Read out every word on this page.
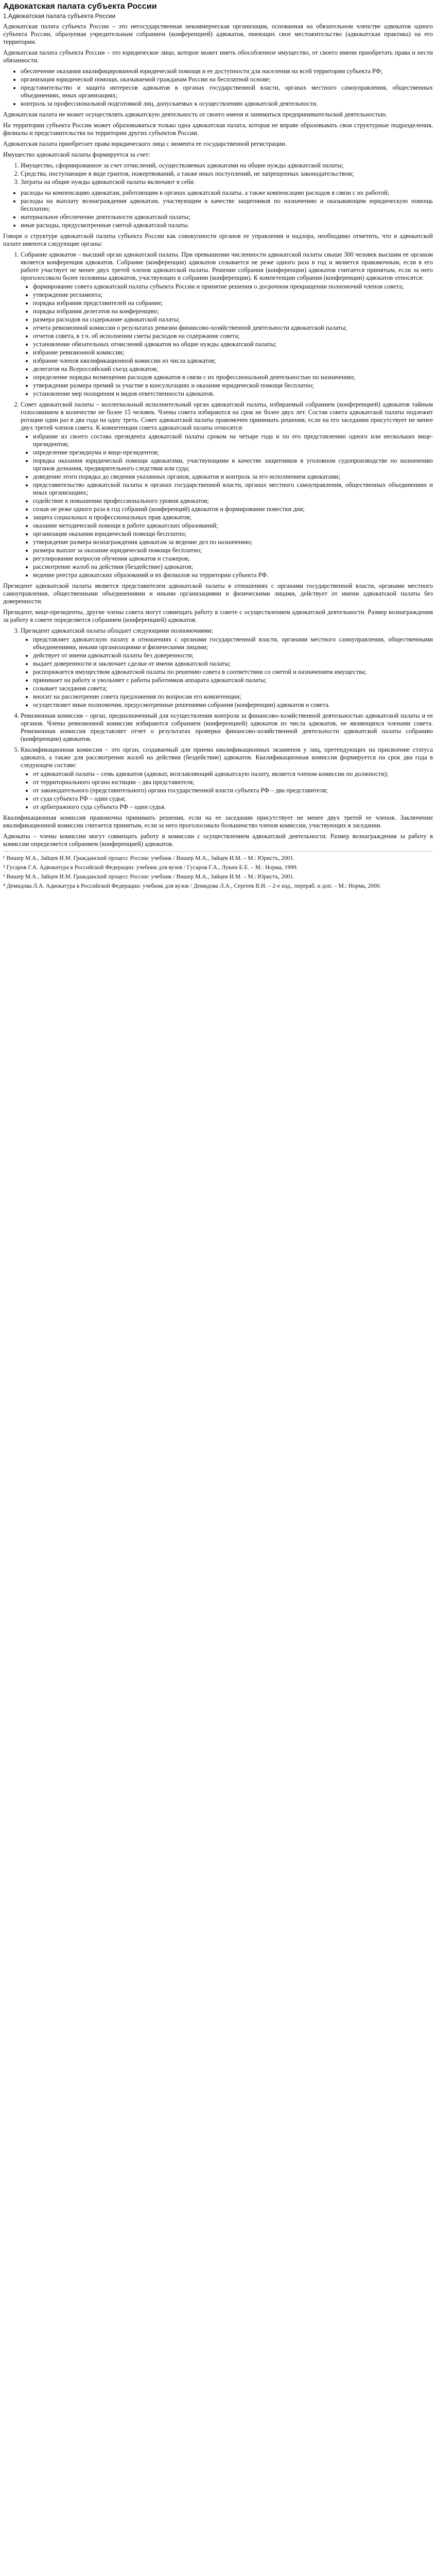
Адвокатская палата субъекта России
1.Адвокатская палата субъекта России

Адвокатская палата субъекта России – это негосударственная некоммерческая организация, основанная на обязательном членстве адвокатов одного субъекта России, образуемая учредительным собранием (конференцией) адвокатов, имеющих свое местожительство (адвокатская практика) на его территории.

Адвокатская палата субъекта России – это юридическое лицо, которое может иметь обособленное имущество, от своего имени приобретать права и нести обязанности.

• обеспечение оказания квалифицированной юридической помощи и ее доступности для населения на всей территории субъекта РФ;
• организация юридической помощи, оказываемой гражданам России на бесплатной основе;
• представительство и защита интересов адвокатов в органах государственной власти, органах местного самоуправления, общественных объединениях, иных организациях;
• контроль за профессиональной подготовкой лиц, допускаемых к осуществлению адвокатской деятельности.

Адвокатская палата не может осуществлять адвокатскую деятельность от своего имени и заниматься предпринимательской деятельностью.

На территории субъекта России может образовываться только одна адвокатская палата, которая не вправе образовывать свои структурные подразделения, филиалы и представительства на территории других субъектов России.

Адвокатская палата приобретает права юридического лица с момента ее государственной регистрации.

Имущество адвокатской палаты формируется за счет:

1. Имущество, сформированное за счет отчислений, осуществляемых адвокатами на общие нужды адвокатской палаты;
2. Средства, поступающие в виде грантов, пожертвований, а также иных поступлений, не запрещенных законодательством;
3. Затраты на общие нужды адвокатской палаты включают в себя:
• расходы на компенсацию адвокатам, работающим в органах адвокатской палаты, а также компенсацию расходов в связи с их работой;
• расходы на выплату вознаграждения адвокатам, участвующим в качестве защитников по назначению и оказывающим юридическую помощь бесплатно;
• материальное обеспечение деятельности адвокатской палаты;
• иные расходы, предусмотренные сметой адвокатской палаты.

Говоря о структуре адвокатской палаты субъекта России как совокупности органов ее управления и надзора, необходимо отметить, что в адвокатской палате имеются следующие органы:

1. Собрание адвокатов – высший орган адвокатской палаты. При превышении численности адвокатской палаты свыше 300 человек высшим ее органом является конференция адвокатов. Собрание (конференция) адвокатов созывается не реже одного раза в год и является правомочным, если в его работе участвует не менее двух третей членов адвокатской палаты. Решение собрания (конференции) адвокатов считается принятым, если за него проголосовало более половины адвокатов, участвующих в собрании (конференции). К компетенции собрания (конференции) адвокатов относятся:
• формирование совета адвокатской палаты субъекта России и принятие решения о досрочном прекращении полномочий членов совета;
• утверждение регламента;
• порядка избрания представителей на собрание;
• порядка избрания делегатов на конференцию;
• размера расходов на содержание адвокатской палаты;
• отчета ревизионной комиссии о результатах ревизии финансово-хозяйственной деятельности адвокатской палаты;
• отчетов совета, в т.ч. об исполнении сметы расходов на содержание совета;
• установление обязательных отчислений адвокатов на общие нужды адвокатской палаты;
• избрание ревизионной комиссии;
• избрание членов квалификационной комиссии из числа адвокатов;
• делегатов на Всероссийский съезд адвокатов;
• определение порядка возмещения расходов адвокатов в связи с их профессиональной деятельностью по назначению;
• утверждение размера премий за участие в консультациях и оказание юридической помощи бесплатно;
• установление мер поощрения и видов ответственности адвокатов.
2. Совет адвокатской палаты – коллегиальный исполнительный орган адвокатской палаты, избираемый собранием (конференцией) адвокатов тайным голосованием в количестве не более 15 человек. Члены совета избираются на срок не более двух лет. Состав совета адвокатской палаты подлежит ротации один раз в два года на одну треть. Совет адвокатской палаты правомочен принимать решения, если на его заседании присутствует не менее двух третей членов совета. К компетенции совета адвокатской палаты относятся:
• избрание из своего состава президента адвокатской палаты сроком на четыре года и по его представлению одного или нескольких вице-президентов;
• определение президиума и вице-президентов;
• порядка оказания юридической помощи адвокатами, участвующими в качестве защитников в уголовном судопроизводстве по назначению органов дознания, предварительного следствия или суда;
• доведение этого порядка до сведения указанных органов, адвокатов и контроль за его исполнением адвокатами;
• представительство адвокатской палаты в органах государственной власти, органах местного самоуправления, общественных объединениях и иных организациях;
• содействие в повышении профессионального уровня адвокатов;
• созыв не реже одного раза в год собраний (конференций) адвокатов и формирование повестки дня;
• защита социальных и профессиональных прав адвокатов;
• оказание методической помощи в работе адвокатских образований;
• организация оказания юридической помощи бесплатно;
• утверждение размера вознаграждения адвокатам за ведение дел по назначению;
• размера выплат за оказание юридической помощи бесплатно;
• регулирование вопросов обучения адвокатов и стажеров;
• рассмотрение жалоб на действия (бездействие) адвокатов;
• ведение реестра адвокатских образований и их филиалов на территории субъекта РФ.

Президент адвокатской палаты является представителем адвокатской палаты в отношениях с органами государственной власти, органами местного самоуправления, общественными объединениями и иными организациями и физическими лицами, действует от имени адвокатской палаты без доверенности.

Президент, вице-президенты, другие члены совета могут совмещать работу в совете с осуществлением адвокатской деятельности. Размер вознаграждения за работу в совете определяется собранием (конференцией) адвокатов.

3. Президент адвокатской палаты обладает следующими полномочиями:
• представляет адвокатскую палату в отношениях с органами государственной власти, органами местного самоуправления, общественными объединениями, иными организациями и физическими лицами;
• действует от имени адвокатской палаты без доверенности;
• выдает доверенности и заключает сделки от имени адвокатской палаты;
• распоряжается имуществом адвокатской палаты по решению совета в соответствии со сметой и назначением имущества;
• принимает на работу и увольняет с работы работников аппарата адвокатской палаты;
• созывает заседания совета;
• вносит на рассмотрение совета предложения по вопросам его компетенции;
• осуществляет иные полномочия, предусмотренные решениями собрания (конференции) адвокатов и совета.
4. Ревизионная комиссия – орган, предназначенный для осуществления контроля за финансово-хозяйственной деятельностью адвокатской палаты и ее органов. Члены ревизионной комиссии избираются собранием (конференцией) адвокатов из числа адвокатов, не являющихся членами совета. Ревизионная комиссия представляет отчет о результатах проверки финансово-хозяйственной деятельности адвокатской палаты собранию (конференции) адвокатов.
5. Квалификационная комиссия – это орган, создаваемый для приема квалификационных экзаменов у лиц, претендующих на присвоение статуса адвоката, а также для рассмотрения жалоб на действия (бездействие) адвокатов. Квалификационная комиссия формируется на срок два года в следующем составе:
• от адвокатской палаты – семь адвокатов (адвокат, возглавляющий адвокатскую палату, является членом комиссии по должности);
• от территориального органа юстиции – два представителя;
• от законодательного (представительного) органа государственной власти субъекта РФ – два представителя;
• от суда субъекта РФ – один судья;
• от арбитражного суда субъекта РФ – один судья.

Квалификационная комиссия правомочна принимать решения, если на ее заседании присутствует не менее двух третей ее членов. Заключение квалификационной комиссии считается принятым, если за него проголосовало большинство членов комиссии, участвующих в заседании.

Адвокаты – члены комиссии могут совмещать работу в комиссии с осуществлением адвокатской деятельности. Размер вознаграждения за работу в комиссии определяется собранием (конференцией) адвокатов.

¹ Вишер М.А., Зайцев И.М. Гражданский процесс России: учебник / Вишер М.А., Зайцев И.М. – М.: Юристъ, 2001.

² Гусаров Г.А. Адвокатура в Российской Федерации: учебник для вузов / Гусаров Г.А., Лукин Е.Е. – М.: Норма, 1999.

³ Вишер М.А., Зайцев И.М. Гражданский процесс России: учебник / Вишер М.А., Зайцев И.М. – М.: Юристъ, 2001.

⁴ Демидова Л.А. Адвокатура в Российской Федерации: учебник для вузов / Демидова Л.А., Сергеев В.И. – 2-е изд., перераб. и доп. – М.: Норма, 2000.
